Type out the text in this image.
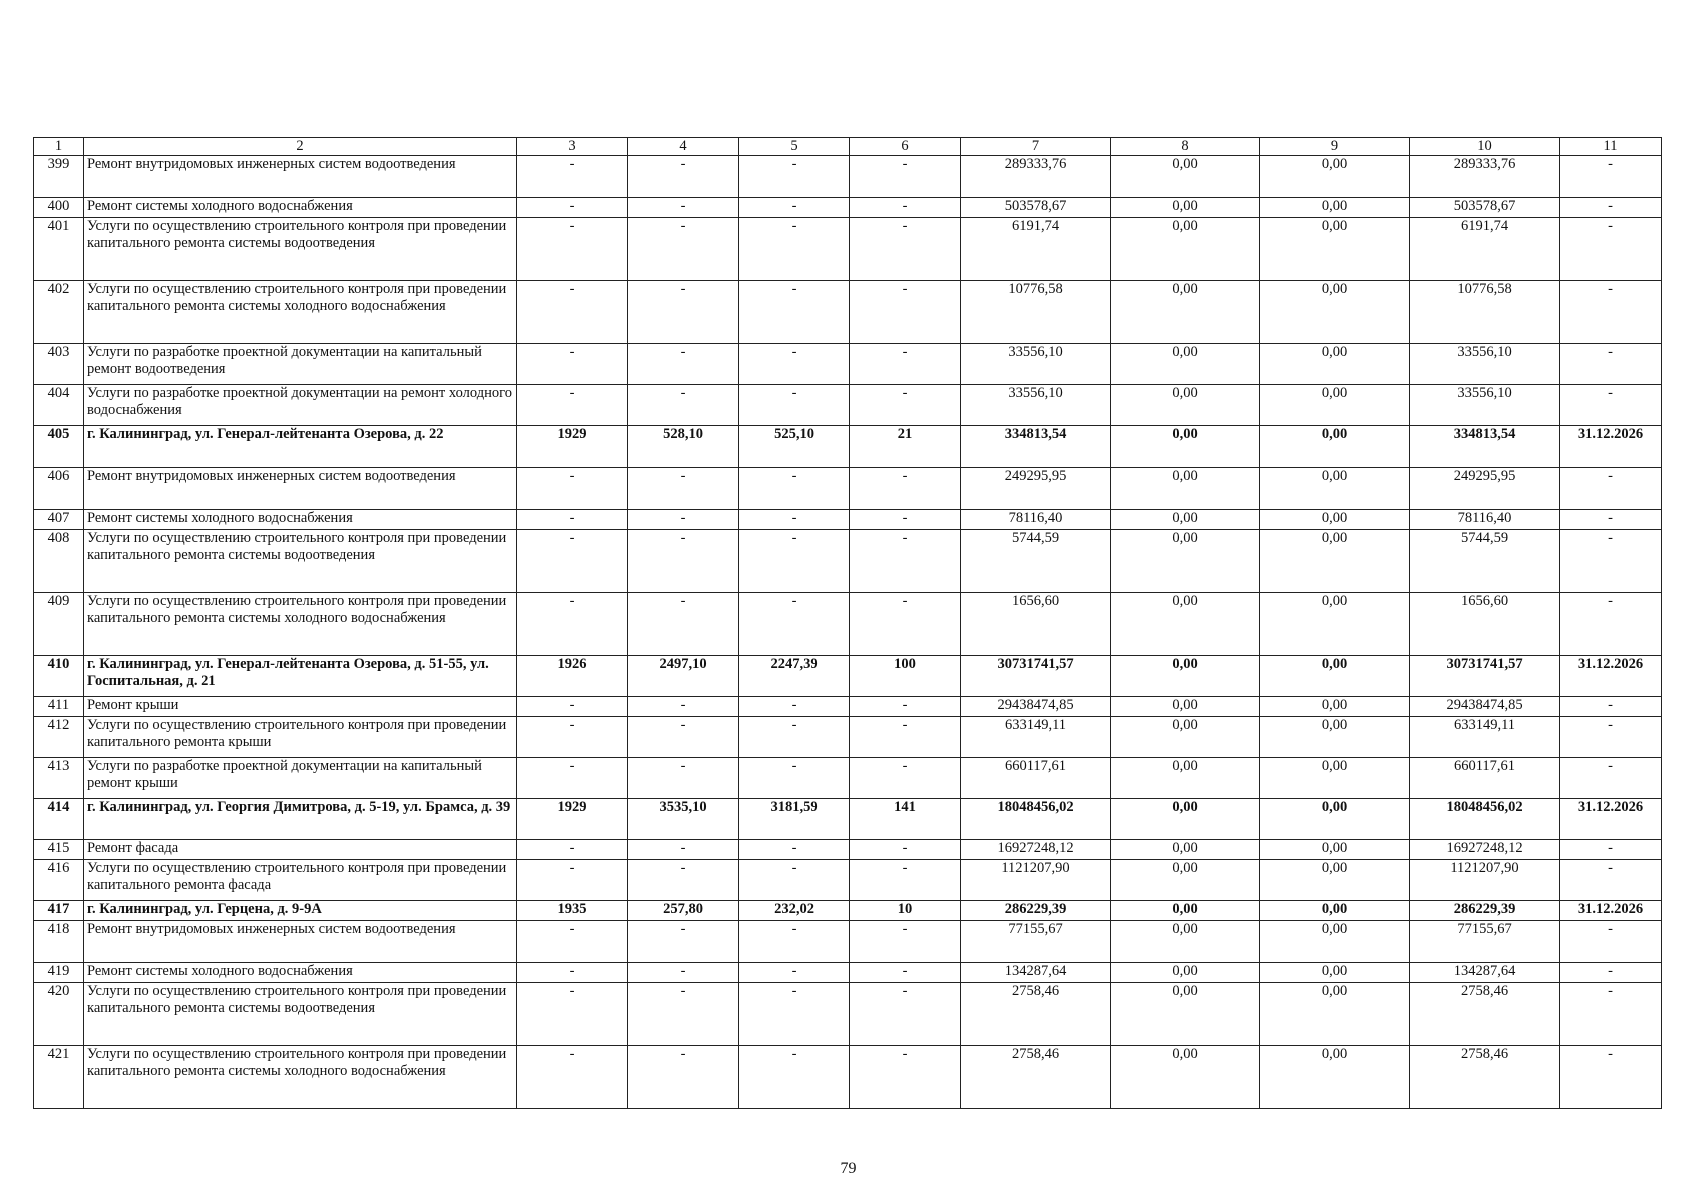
1	2	3	4	5	6	7	8	9	10	11
399	Ремонт внутридомовых инженерных систем водоотведения	-	-	-	-	289333,76	0,00	0,00	289333,76	-
400	Ремонт системы холодного водоснабжения	-	-	-	-	503578,67	0,00	0,00	503578,67	-
401	Услуги по осуществлению строительного контроля при проведении капитального ремонта системы водоотведения	-	-	-	-	6191,74	0,00	0,00	6191,74	-
402	Услуги по осуществлению строительного контроля при проведении капитального ремонта системы холодного водоснабжения	-	-	-	-	10776,58	0,00	0,00	10776,58	-
403	Услуги по разработке проектной документации на капитальный ремонт водоотведения	-	-	-	-	33556,10	0,00	0,00	33556,10	-
404	Услуги по разработке проектной документации на ремонт холодного водоснабжения	-	-	-	-	33556,10	0,00	0,00	33556,10	-
405	г. Калининград, ул. Генерал-лейтенанта Озерова, д. 22	1929	528,10	525,10	21	334813,54	0,00	0,00	334813,54	31.12.2026
406	Ремонт внутридомовых инженерных систем водоотведения	-	-	-	-	249295,95	0,00	0,00	249295,95	-
407	Ремонт системы холодного водоснабжения	-	-	-	-	78116,40	0,00	0,00	78116,40	-
408	Услуги по осуществлению строительного контроля при проведении капитального ремонта системы водоотведения	-	-	-	-	5744,59	0,00	0,00	5744,59	-
409	Услуги по осуществлению строительного контроля при проведении капитального ремонта системы холодного водоснабжения	-	-	-	-	1656,60	0,00	0,00	1656,60	-
410	г. Калининград, ул. Генерал-лейтенанта Озерова, д. 51-55, ул. Госпитальная, д. 21	1926	2497,10	2247,39	100	30731741,57	0,00	0,00	30731741,57	31.12.2026
411	Ремонт крыши	-	-	-	-	29438474,85	0,00	0,00	29438474,85	-
412	Услуги по осуществлению строительного контроля при проведении капитального ремонта крыши	-	-	-	-	633149,11	0,00	0,00	633149,11	-
413	Услуги по разработке проектной документации на капитальный ремонт крыши	-	-	-	-	660117,61	0,00	0,00	660117,61	-
414	г. Калининград, ул. Георгия Димитрова, д. 5-19, ул. Брамса, д. 39	1929	3535,10	3181,59	141	18048456,02	0,00	0,00	18048456,02	31.12.2026
415	Ремонт фасада	-	-	-	-	16927248,12	0,00	0,00	16927248,12	-
416	Услуги по осуществлению строительного контроля при проведении капитального ремонта фасада	-	-	-	-	1121207,90	0,00	0,00	1121207,90	-
417	г. Калининград, ул. Герцена, д. 9-9А	1935	257,80	232,02	10	286229,39	0,00	0,00	286229,39	31.12.2026
418	Ремонт внутридомовых инженерных систем водоотведения	-	-	-	-	77155,67	0,00	0,00	77155,67	-
419	Ремонт системы холодного водоснабжения	-	-	-	-	134287,64	0,00	0,00	134287,64	-
420	Услуги по осуществлению строительного контроля при проведении капитального ремонта системы водоотведения	-	-	-	-	2758,46	0,00	0,00	2758,46	-
421	Услуги по осуществлению строительного контроля при проведении капитального ремонта системы холодного водоснабжения	-	-	-	-	2758,46	0,00	0,00	2758,46	-
79
